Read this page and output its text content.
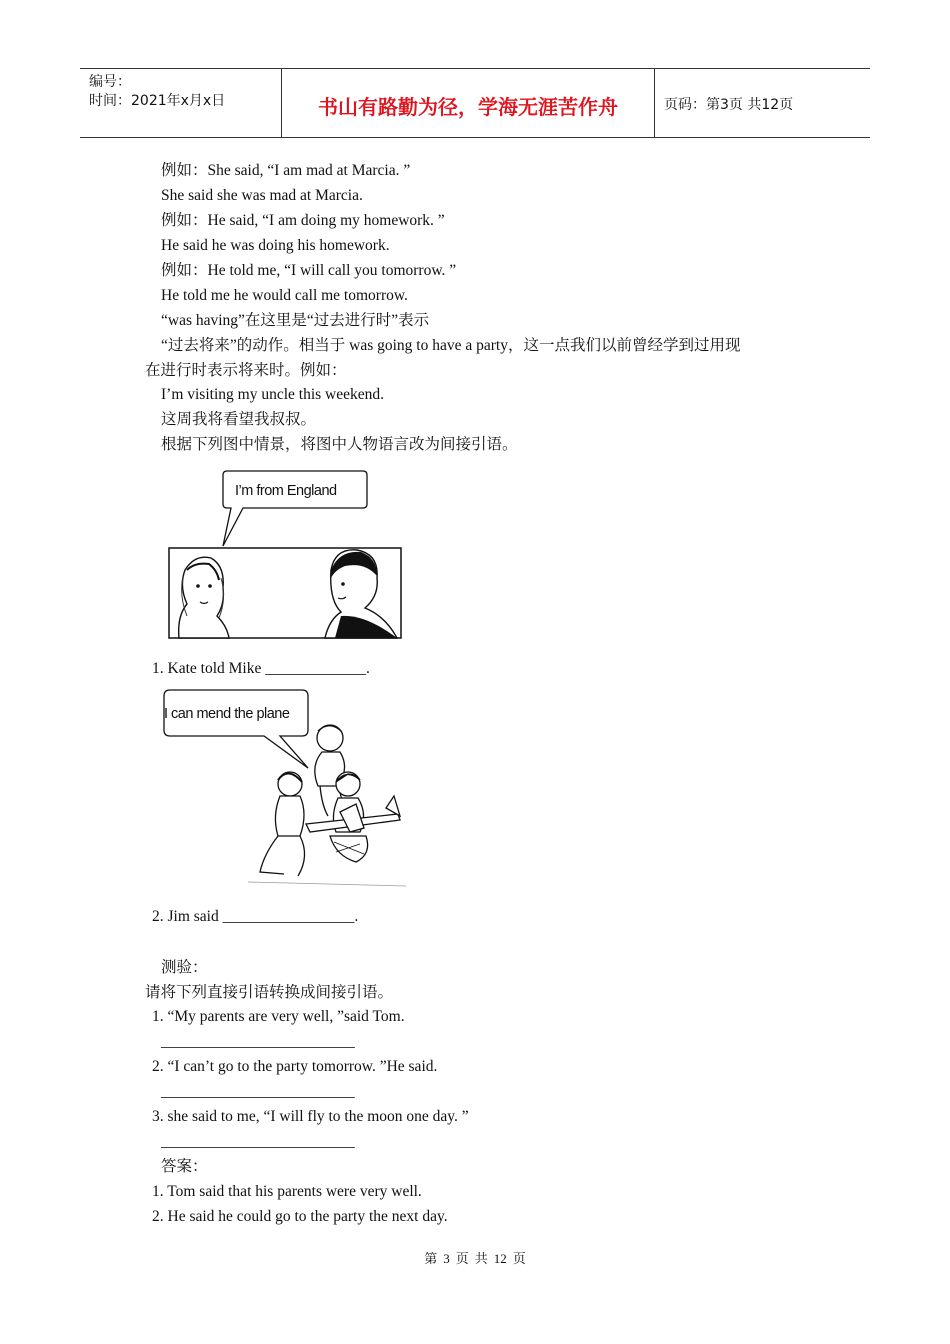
编号：
时间：2021年x月x日	书山有路勤为径，学海无涯苦作舟	页码：第3页 共12页
例如：She said, “I am mad at Marcia. ”
She said she was mad at Marcia.
例如：He said, “I am doing my homework. ”
He said he was doing his homework.
例如：He told me, “I will call you tomorrow. ”
He told me he would call me tomorrow.
“was having”在这里是“过去进行时”表示
“过去将来”的动作。相当于 was going to have a party，这一点我们以前曾经学到过用现
在进行时表示将来时。例如：
I’m visiting my uncle this weekend.
这周我将看望我叔叔。
根据下列图中情景，将图中人物语言改为间接引语。
I’m from England
1. Kate told Mike _____________.
I can mend the plane
2. Jim said _________________.
测验：
请将下列直接引语转换成间接引语。
1. “My parents are very well, ”said Tom.
_________________________
2. “I can’t go to the party tomorrow. ”He said.
_________________________
3. she said to me, “I will fly to the moon one day. ”
_________________________
答案：
1. Tom said that his parents were very well.
2. He said he could go to the party the next day.
第 3 页 共 12 页
